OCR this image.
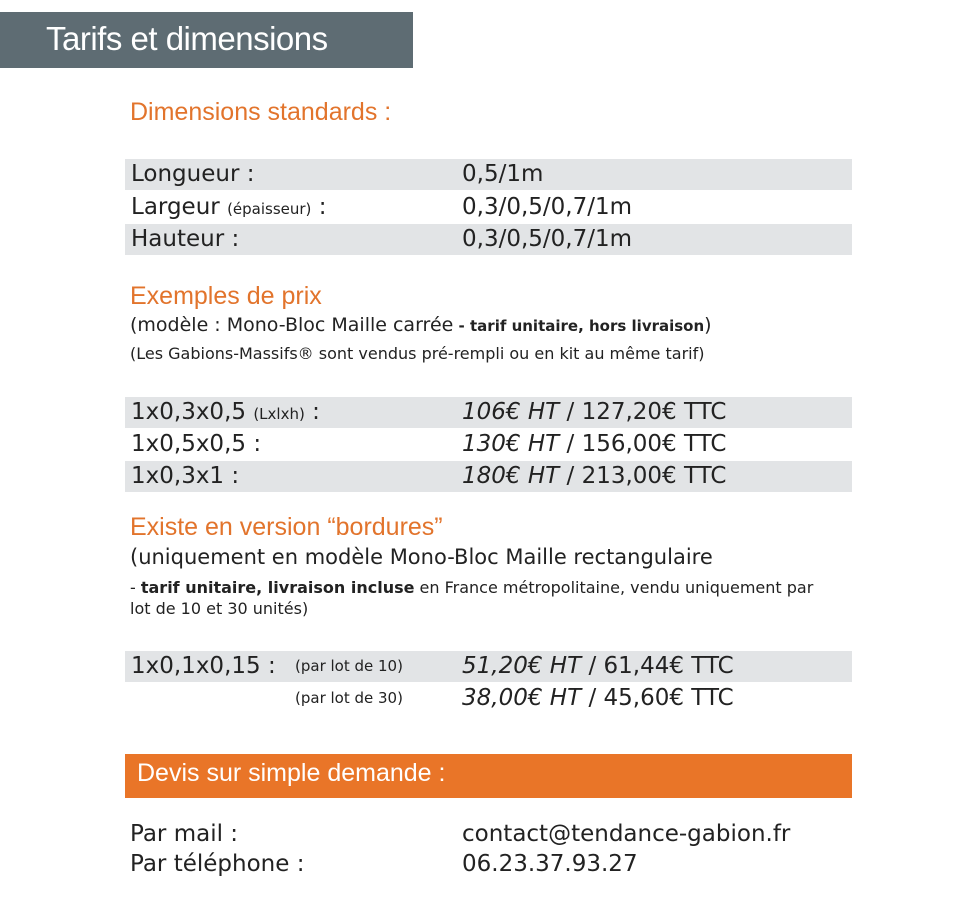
Tarifs et dimensions
Dimensions standards :
Longueur :	0,5/1m
Largeur (épaisseur) :	0,3/0,5/0,7/1m
Hauteur :	0,3/0,5/0,7/1m
Exemples de prix
(modèle : Mono-Bloc Maille carrée - tarif unitaire, hors livraison)
(Les Gabions-Massifs® sont vendus pré-rempli ou en kit au même tarif)
1x0,3x0,5 (Lxlxh) :	106€ HT / 127,20€ TTC
1x0,5x0,5 :	130€ HT / 156,00€ TTC
1x0,3x1 :	180€ HT / 213,00€ TTC
Existe en version “bordures”
(uniquement en modèle Mono-Bloc Maille rectangulaire
- tarif unitaire, livraison incluse en France métropolitaine, vendu uniquement par
lot de 10 et 30 unités)
1x0,1x0,15 : (par lot de 10)	51,20€ HT / 61,44€ TTC
(par lot de 30)	38,00€ HT / 45,60€ TTC
Devis sur simple demande :
Par mail :	contact@tendance-gabion.fr
Par téléphone :	06.23.37.93.27
